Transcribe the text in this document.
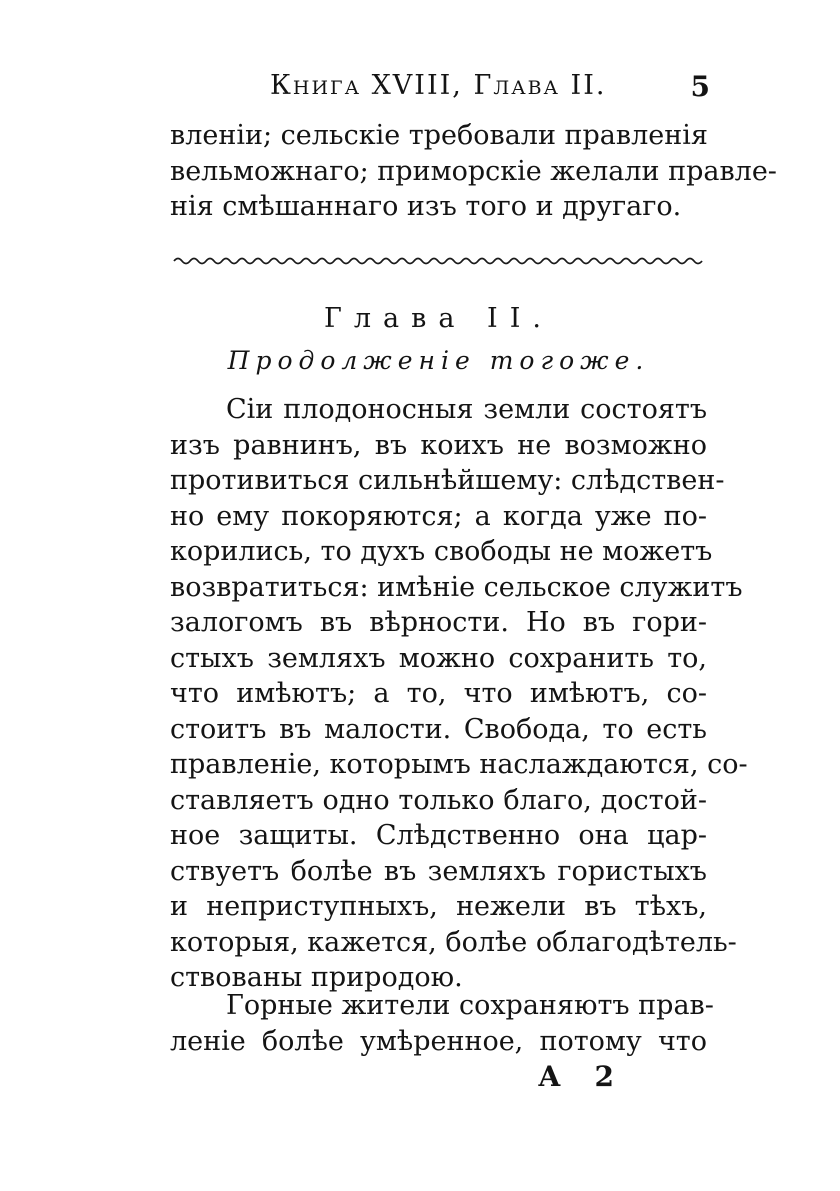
Книга XVIII, Глава II.	5
вленіи; сельскіе требовали правленія
вельможнаго; приморскіе желали правле-
нія смѣшаннаго изъ того и другаго.
Глава II.
Продолженіе тогоже.
Сіи плодоносныя земли состоятъ
изъ равнинъ, въ коихъ не возможно
противиться сильнѣйшему: слѣдствен-
но ему покоряются; а когда уже по-
корились, то духъ свободы не можетъ
возвратиться: имѣніе сельское служитъ
залогомъ въ вѣрности. Но въ гори-
стыхъ земляхъ можно сохранить то,
что имѣютъ; а то, что имѣютъ, со-
стоитъ въ малости. Свобода, то есть
правленіе, которымъ наслаждаются, со-
ставляетъ одно только благо, достой-
ное защиты. Слѣдственно она цар-
ствуетъ болѣе въ земляхъ гористыхъ
и неприступныхъ, нежели въ тѣхъ,
которыя, кажется, болѣе облагодѣтель-
ствованы природою.
Горные жители сохраняютъ прав-
леніе болѣе умѣренное, потому что
А 2
